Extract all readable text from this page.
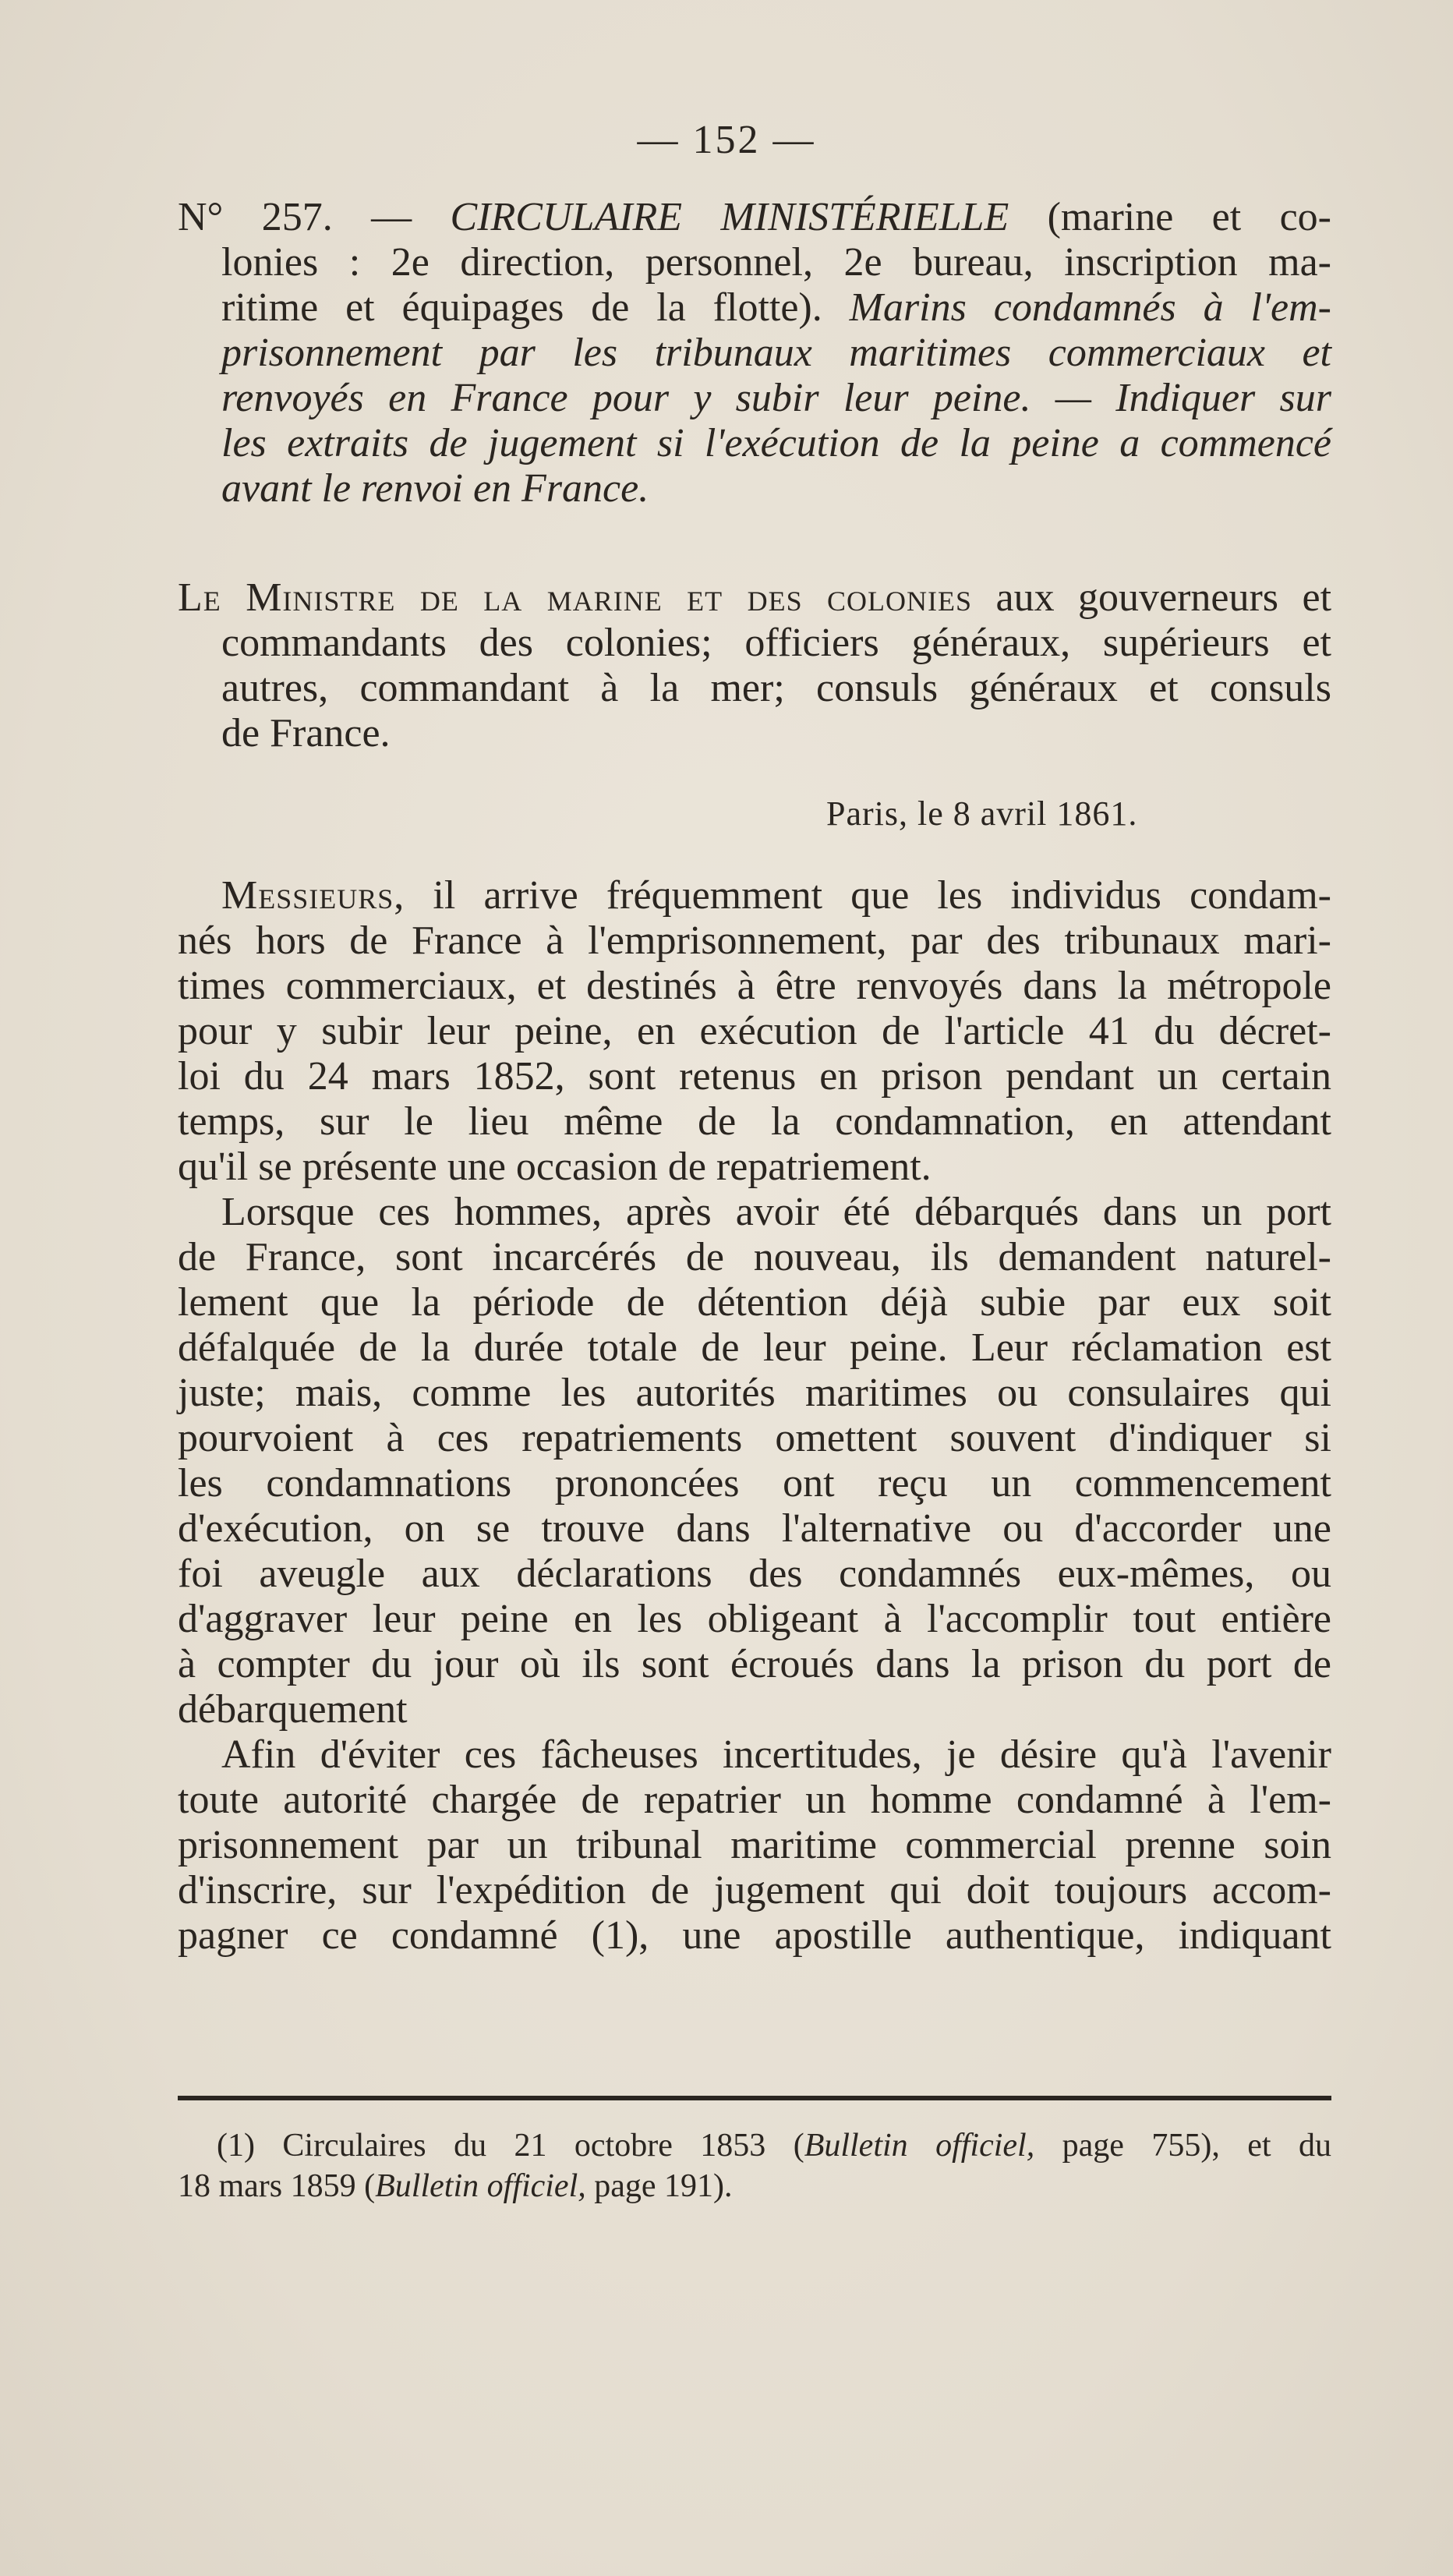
— 152 —
N° 257. — CIRCULAIRE MINISTÉRIELLE (marine et co-
lonies : 2e direction, personnel, 2e bureau, inscription ma-
ritime et équipages de la flotte). Marins condamnés à l'em-
prisonnement par les tribunaux maritimes commerciaux et
renvoyés en France pour y subir leur peine. — Indiquer sur
les extraits de jugement si l'exécution de la peine a commencé
avant le renvoi en France.
Le Ministre de la marine et des colonies aux gouverneurs et
commandants des colonies; officiers généraux, supérieurs et
autres, commandant à la mer; consuls généraux et consuls
de France.
Paris, le 8 avril 1861.
Messieurs, il arrive fréquemment que les individus condam-
nés hors de France à l'emprisonnement, par des tribunaux mari-
times commerciaux, et destinés à être renvoyés dans la métropole
pour y subir leur peine, en exécution de l'article 41 du décret-
loi du 24 mars 1852, sont retenus en prison pendant un certain
temps, sur le lieu même de la condamnation, en attendant
qu'il se présente une occasion de repatriement.
Lorsque ces hommes, après avoir été débarqués dans un port
de France, sont incarcérés de nouveau, ils demandent naturel-
lement que la période de détention déjà subie par eux soit
défalquée de la durée totale de leur peine. Leur réclamation est
juste; mais, comme les autorités maritimes ou consulaires qui
pourvoient à ces repatriements omettent souvent d'indiquer si
les condamnations prononcées ont reçu un commencement
d'exécution, on se trouve dans l'alternative ou d'accorder une
foi aveugle aux déclarations des condamnés eux-mêmes, ou
d'aggraver leur peine en les obligeant à l'accomplir tout entière
à compter du jour où ils sont écroués dans la prison du port de
débarquement
Afin d'éviter ces fâcheuses incertitudes, je désire qu'à l'avenir
toute autorité chargée de repatrier un homme condamné à l'em-
prisonnement par un tribunal maritime commercial prenne soin
d'inscrire, sur l'expédition de jugement qui doit toujours accom-
pagner ce condamné (1), une apostille authentique, indiquant
(1) Circulaires du 21 octobre 1853 (Bulletin officiel, page 755), et du
18 mars 1859 (Bulletin officiel, page 191).
